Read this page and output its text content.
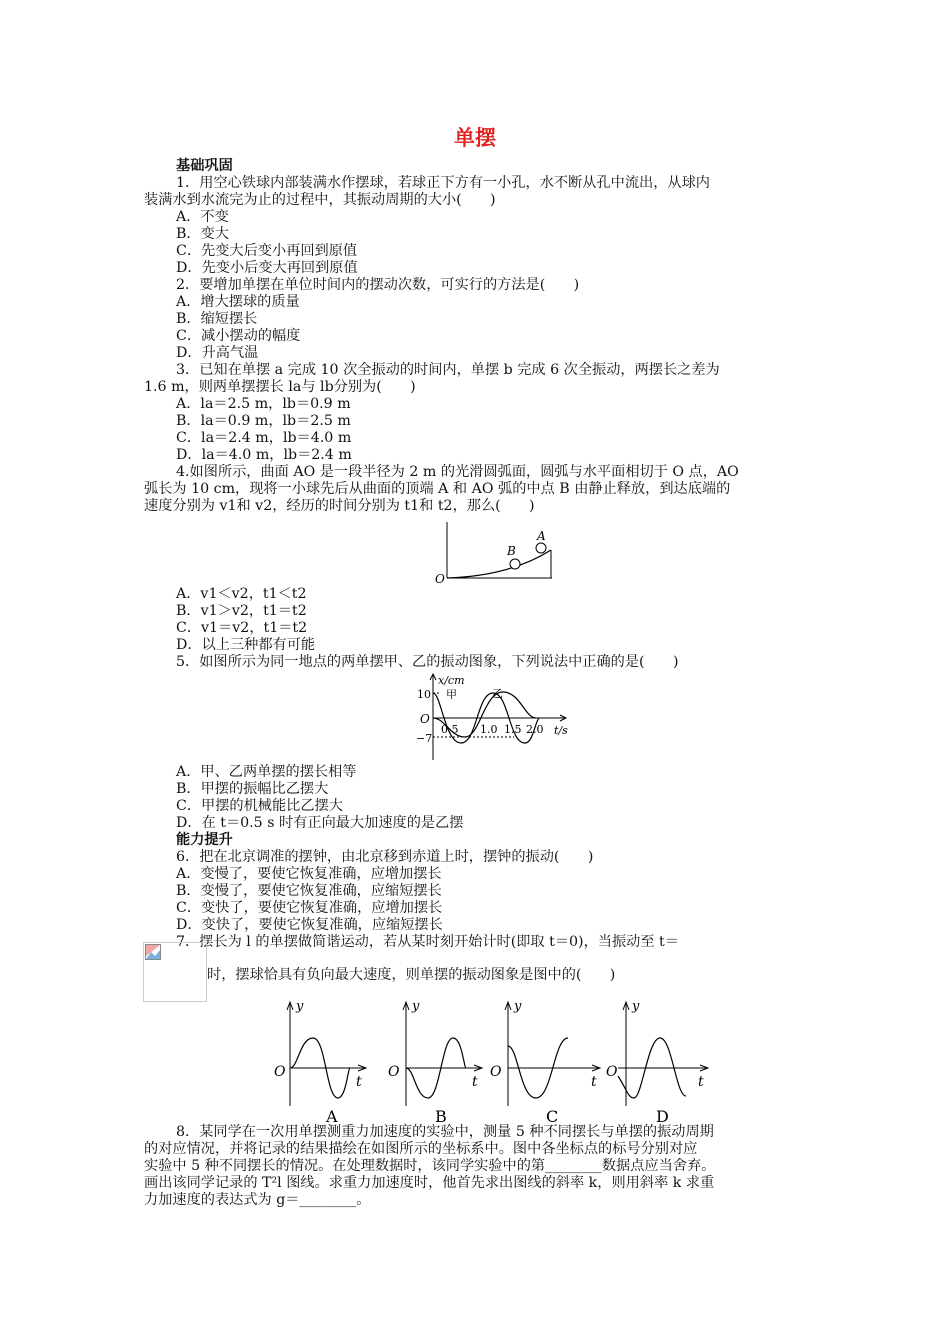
单摆
基础巩固
1．用空心铁球内部装满水作摆球，若球正下方有一小孔，水不断从孔中流出，从球内
装满水到水流完为止的过程中，其振动周期的大小(　　)
A．不变
B．变大
C．先变大后变小再回到原值
D．先变小后变大再回到原值
2．要增加单摆在单位时间内的摆动次数，可实行的方法是(　　)
A．增大摆球的质量
B．缩短摆长
C．减小摆动的幅度
D．升高气温
3．已知在单摆 a 完成 10 次全振动的时间内，单摆 b 完成 6 次全振动，两摆长之差为
1.6 m，则两单摆摆长 la与 lb分别为(　　)
A．la＝2.5 m，lb＝0.9 m
B．la＝0.9 m，lb＝2.5 m
C．la＝2.4 m，lb＝4.0 m
D．la＝4.0 m，lb＝2.4 m
4.如图所示，曲面 AO 是一段半径为 2 m 的光滑圆弧面，圆弧与水平面相切于 O 点，AO
弧长为 10 cm，现将一小球先后从曲面的顶端 A 和 AO 弧的中点 B 由静止释放，到达底端的
速度分别为 v1和 v2，经历的时间分别为 t1和 t2，那么(　　)
A
B
O
A．v1＜v2，t1＜t2
B．v1＞v2，t1＝t2
C．v1＝v2，t1＝t2
D．以上三种都有可能
5．如图所示为同一地点的两单摆甲、乙的振动图象，下列说法中正确的是(　　)
x/cm
t/s
O
10
−7
0.5 1.0 1.5 2.0
甲	乙
A．甲、乙两单摆的摆长相等
B．甲摆的振幅比乙摆大
C．甲摆的机械能比乙摆大
D．在 t＝0.5 s 时有正向最大加速度的是乙摆
能力提升
6．把在北京调准的摆钟，由北京移到赤道上时，摆钟的振动(　　)
A．变慢了，要使它恢复准确，应增加摆长
B．变慢了，要使它恢复准确，应缩短摆长
C．变快了，要使它恢复准确，应增加摆长
D．变快了，要使它恢复准确，应缩短摆长
7．摆长为 l 的单摆做简谐运动，若从某时刻开始计时(即取 t＝0)，当振动至 t＝
时，摆球恰具有负向最大速度，则单摆的振动图象是图中的(　　)
y
t
O
A
y
t
O
B
y
t
O
C
y
t
O
D
8．某同学在一次用单摆测重力加速度的实验中，测量 5 种不同摆长与单摆的振动周期
的对应情况，并将记录的结果描绘在如图所示的坐标系中。图中各坐标点的标号分别对应
实验中 5 种不同摆长的情况。在处理数据时，该同学实验中的第________数据点应当舍弃。
画出该同学记录的 T²l 图线。求重力加速度时，他首先求出图线的斜率 k，则用斜率 k 求重
力加速度的表达式为 g＝________。
